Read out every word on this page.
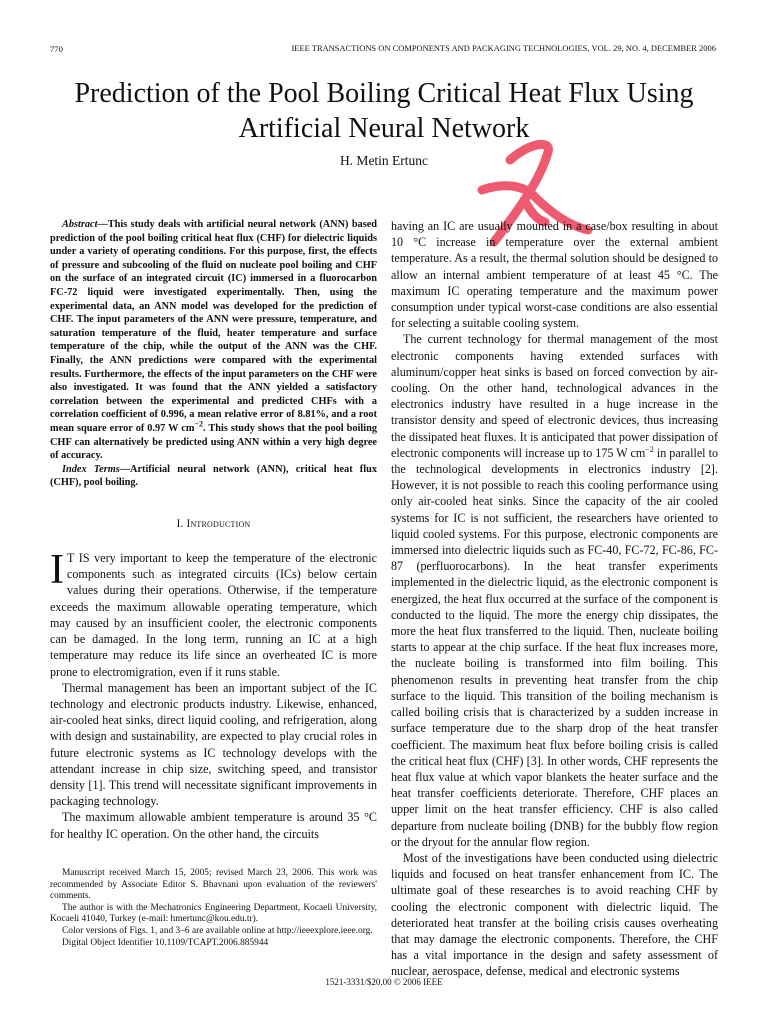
770	IEEE TRANSACTIONS ON COMPONENTS AND PACKAGING TECHNOLOGIES, VOL. 29, NO. 4, DECEMBER 2006
Prediction of the Pool Boiling Critical Heat Flux Using Artificial Neural Network
H. Metin Ertunc

Abstract—This study deals with artificial neural network (ANN) based prediction of the pool boiling critical heat flux (CHF) for dielectric liquids under a variety of operating conditions. For this purpose, first, the effects of pressure and subcooling of the fluid on nucleate pool boiling and CHF on the surface of an integrated circuit (IC) immersed in a fluorocarbon FC-72 liquid were investigated experimentally. Then, using the experimental data, an ANN model was developed for the prediction of CHF. The input parameters of the ANN were pressure, temperature, and saturation temperature of the fluid, heater temperature and surface temperature of the chip, while the output of the ANN was the CHF. Finally, the ANN predictions were compared with the experimental results. Furthermore, the effects of the input parameters on the CHF were also investigated. It was found that the ANN yielded a satisfactory correlation between the experimental and predicted CHFs with a correlation coefficient of 0.996, a mean relative error of 8.81%, and a root mean square error of 0.97 W $cm^{-2}$. This study shows that the pool boiling CHF can alternatively be predicted using ANN within a very high degree of accuracy.

Index Terms—Artificial neural network (ANN), critical heat flux (CHF), pool boiling.

I. Introduction

I T IS very important to keep the temperature of the electronic components such as integrated circuits (ICs) below certain values during their operations. Otherwise, if the temperature exceeds the maximum allowable operating temperature, which may caused by an insufficient cooler, the electronic components can be damaged. In the long term, running an IC at a high temperature may reduce its life since an overheated IC is more prone to electromigration, even if it runs stable.

Thermal management has been an important subject of the IC technology and electronic products industry. Likewise, enhanced, air-cooled heat sinks, direct liquid cooling, and refrigeration, along with design and sustainability, are expected to play crucial roles in future electronic systems as IC technology develops with the attendant increase in chip size, switching speed, and transistor density [1]. This trend will necessitate significant improvements in packaging technology.

The maximum allowable ambient temperature is around 35 °C for healthy IC operation. On the other hand, the circuits

Manuscript received March 15, 2005; revised March 23, 2006. This work was recommended by Associate Editor S. Bhavnani upon evaluation of the reviewers' comments.

The author is with the Mechatronics Engineering Department, Kocaeli University, Kocaeli 41040, Turkey (e-mail: hmertunc@kou.edu.tr).

Color versions of Figs. 1, and 3–6 are available online at http://ieeexplore.ieee.org.

Digital Object Identifier 10.1109/TCAPT.2006.885944

having an IC are usually mounted in a case/box resulting in about 10 °C increase in temperature over the external ambient temperature. As a result, the thermal solution should be designed to allow an internal ambient temperature of at least 45 °C. The maximum IC operating temperature and the maximum power consumption under typical worst-case conditions are also essential for selecting a suitable cooling system.

The current technology for thermal management of the most electronic components having extended surfaces with aluminum/copper heat sinks is based on forced convection by air-cooling. On the other hand, technological advances in the electronics industry have resulted in a huge increase in the transistor density and speed of electronic devices, thus increasing the dissipated heat fluxes. It is anticipated that power dissipation of electronic components will increase up to 175 W $cm^{-2}$ in parallel to the technological developments in electronics industry [2]. However, it is not possible to reach this cooling performance using only air-cooled heat sinks. Since the capacity of the air cooled systems for IC is not sufficient, the researchers have oriented to liquid cooled systems. For this purpose, electronic components are immersed into dielectric liquids such as FC-40, FC-72, FC-86, FC-87 (perfluorocarbons). In the heat transfer experiments implemented in the dielectric liquid, as the electronic component is energized, the heat flux occurred at the surface of the component is conducted to the liquid. The more the energy chip dissipates, the more the heat flux transferred to the liquid. Then, nucleate boiling starts to appear at the chip surface. If the heat flux increases more, the nucleate boiling is transformed into film boiling. This phenomenon results in preventing heat transfer from the chip surface to the liquid. This transition of the boiling mechanism is called boiling crisis that is characterized by a sudden increase in surface temperature due to the sharp drop of the heat transfer coefficient. The maximum heat flux before boiling crisis is called the critical heat flux (CHF) [3]. In other words, CHF represents the heat flux value at which vapor blankets the heater surface and the heat transfer coefficients deteriorate. Therefore, CHF places an upper limit on the heat transfer efficiency. CHF is also called departure from nucleate boiling (DNB) for the bubbly flow region or the dryout for the annular flow region.

Most of the investigations have been conducted using dielectric liquids and focused on heat transfer enhancement from IC. The ultimate goal of these researches is to avoid reaching CHF by cooling the electronic component with dielectric liquid. The deteriorated heat transfer at the boiling crisis causes overheating that may damage the electronic components. Therefore, the CHF has a vital importance in the design and safety assessment of nuclear, aerospace, defense, medical and electronic systems

1521-3331/$20.00 © 2006 IEEE
